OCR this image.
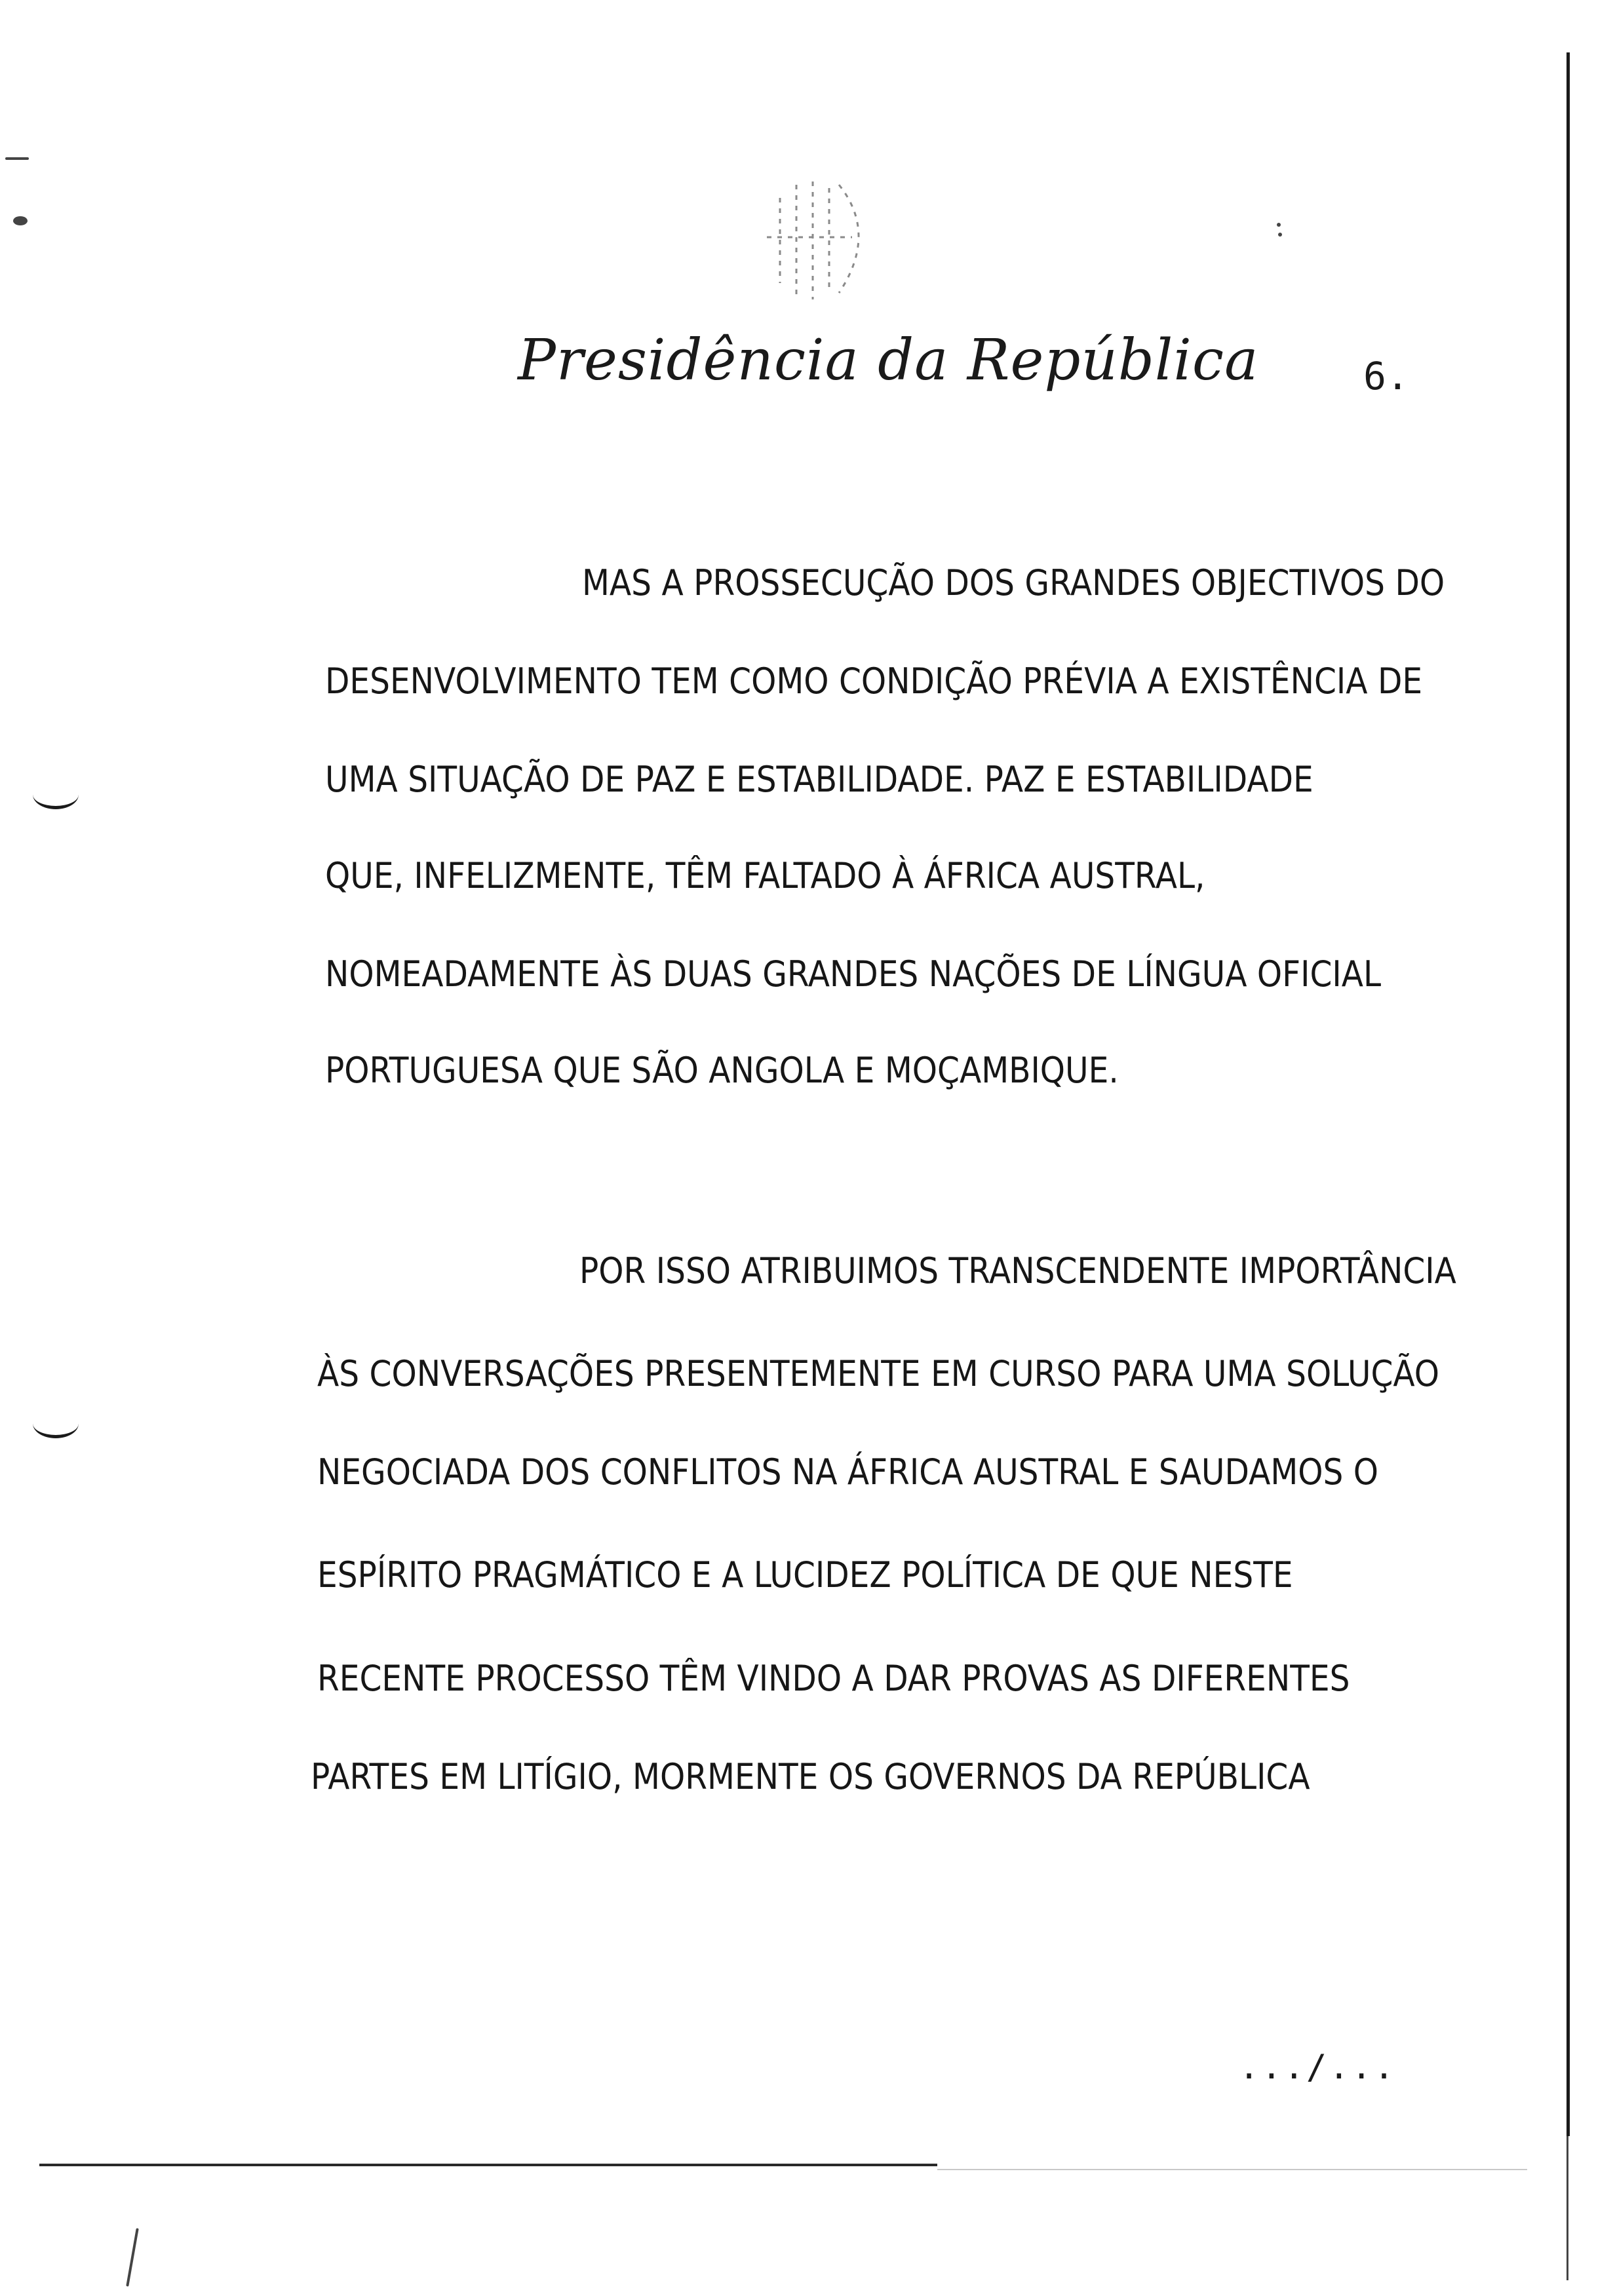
Presidência da República	6.
MAS A PROSSECUÇÃO DOS GRANDES OBJECTIVOS DO
DESENVOLVIMENTO TEM COMO CONDIÇÃO PRÉVIA A EXISTÊNCIA DE
UMA SITUAÇÃO DE PAZ E ESTABILIDADE. PAZ E ESTABILIDADE
QUE, INFELIZMENTE, TÊM FALTADO À ÁFRICA AUSTRAL,
NOMEADAMENTE ÀS DUAS GRANDES NAÇÕES DE LÍNGUA OFICIAL
PORTUGUESA QUE SÃO ANGOLA E MOÇAMBIQUE.
POR ISSO ATRIBUIMOS TRANSCENDENTE IMPORTÂNCIA
ÀS CONVERSAÇÕES PRESENTEMENTE EM CURSO PARA UMA SOLUÇÃO
NEGOCIADA DOS CONFLITOS NA ÁFRICA AUSTRAL E SAUDAMOS O
ESPÍRITO PRAGMÁTICO E A LUCIDEZ POLÍTICA DE QUE NESTE
RECENTE PROCESSO TÊM VINDO A DAR PROVAS AS DIFERENTES
PARTES EM LITÍGIO, MORMENTE OS GOVERNOS DA REPÚBLICA
.../...
